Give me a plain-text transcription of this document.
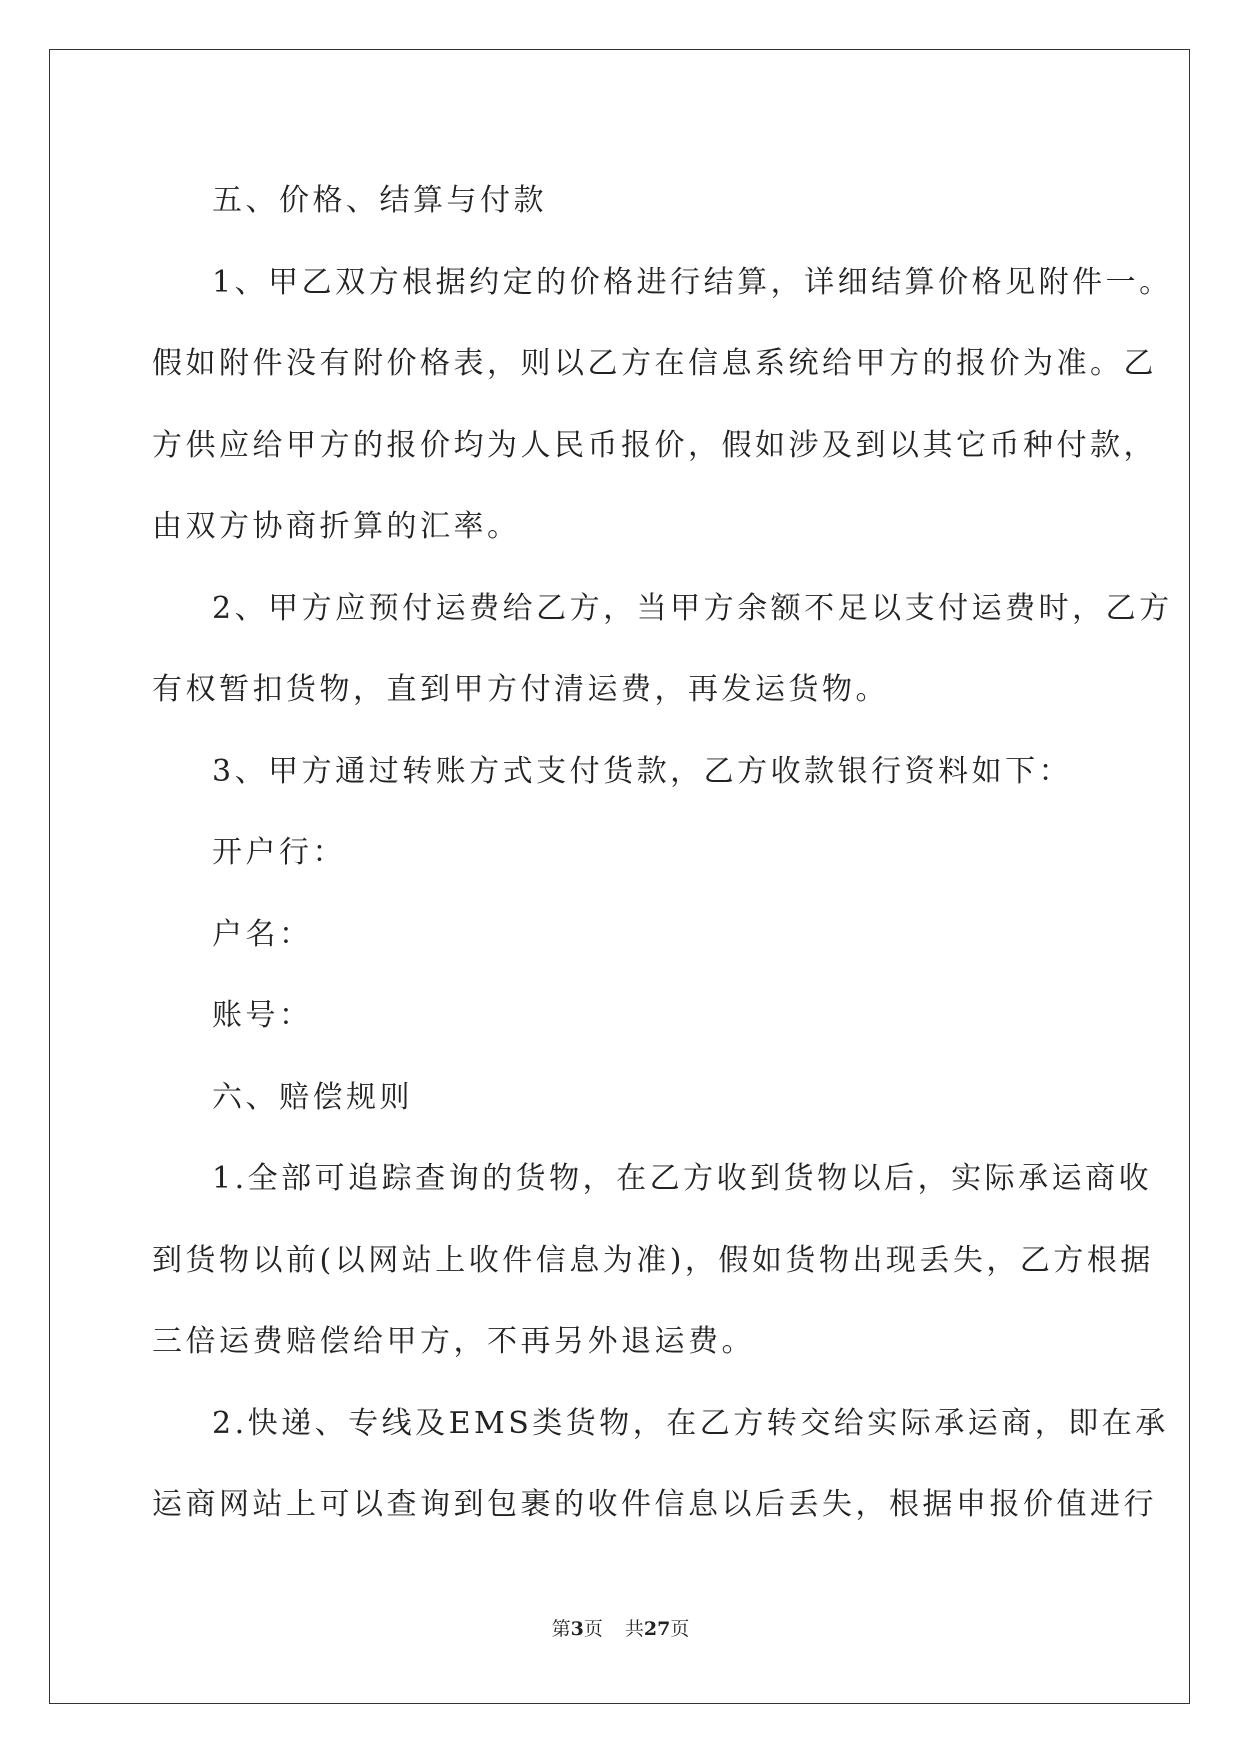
五、价格、结算与付款
1、甲乙双方根据约定的价格进行结算，详细结算价格见附件一。
假如附件没有附价格表，则以乙方在信息系统给甲方的报价为准。乙
方供应给甲方的报价均为人民币报价，假如涉及到以其它币种付款，
由双方协商折算的汇率。
2、甲方应预付运费给乙方，当甲方余额不足以支付运费时，乙方
有权暂扣货物，直到甲方付清运费，再发运货物。
3、甲方通过转账方式支付货款，乙方收款银行资料如下：
开户行：
户名：
账号：
六、赔偿规则
1.全部可追踪查询的货物，在乙方收到货物以后，实际承运商收
到货物以前(以网站上收件信息为准)，假如货物出现丢失，乙方根据
三倍运费赔偿给甲方，不再另外退运费。
2.快递、专线及EMS类货物，在乙方转交给实际承运商，即在承
运商网站上可以查询到包裹的收件信息以后丢失，根据申报价值进行
第3页 共27页
